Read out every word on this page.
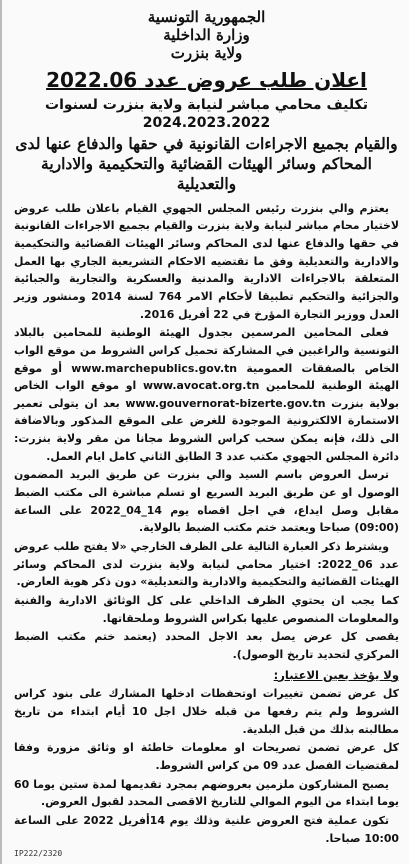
الجمهورية التونسية
وزارة الداخلية
ولاية بنزرت
اعلان طلب عروض عدد 2022.06
تكليف محامي مباشر لنيابة ولاية بنزرت لسنوات
2024.2023.2022
والقيام بجميع الاجراءات القانونية في حقها والدفاع عنها لدى المحاكم وسائر الهيئات القضائية والتحكيمية والادارية والتعديلية

يعتزم والي بنزرت رئيس المجلس الجهوي القيام باعلان طلب عروض لاختيار محام مباشر لنيابة ولاية بنزرت والقيام بجميع الاجراءات القانونية في حقها والدفاع عنها لدى المحاكم وسائر الهيئات القضائية والتحكيمية والادارية والتعديلية وفق ما تقتضيه الاحكام التشريعية الجاري بها العمل المتعلقة بالاجراءات الادارية والمدنية والعسكرية والتجارية والجبائية والجزائية والتحكيم تطبيقا لأحكام الامر 764 لسنة 2014 ومنشور وزير العدل ووزير التجارة المؤرخ في 22 أفريل 2016.

فعلى المحامين المرسمين بجدول الهيئة الوطنية للمحامين بالبلاد التونسية والراغبين في المشاركة تحميل كراس الشروط من موقع الواب الخاص بالصفقات العمومية www.marchepublics.gov.tn أو موقع الهيئة الوطنية للمحامين www.avocat.org.tn او موقع الواب الخاص بولاية بنزرت www.gouvernorat-bizerte.gov.tn بعد ان يتولى تعمير الاستمارة الالكترونية الموجودة للغرض على الموقع المذكور وبالاضافة الى ذلك، فإنه يمكن سحب كراس الشروط مجانا من مقر ولاية بنزرت: دائرة المجلس الجهوي مكتب عدد 3 الطابق الثاني كامل ايام العمل.

ترسل العروض باسم السيد والي بنزرت عن طريق البريد المضمون الوصول او عن طريق البريد السريع او تسلم مباشرة الى مكتب الضبط مقابل وصل ايداع، في اجل اقصاه يوم 14_04_2022 على الساعة (09:00) صباحا ويعتمد ختم مكتب الضبط بالولاية.

ويشترط ذكر العبارة التالية على الظرف الخارجي «لا يفتح طلب عروض عدد 06_2022: اختيار محامي لنيابة ولاية بنزرت لدى المحاكم وسائر الهيئات القضائية والتحكيمية والادارية والتعديلية» دون ذكر هوية العارض.

كما يجب ان يحتوي الظرف الداخلي على كل الوثائق الادارية والفنية والمعلومات المنصوص عليها بكراس الشروط وملحقاتها.

يقصى كل عرض يصل بعد الاجل المحدد (يعتمد ختم مكتب الضبط المركزي لتحديد تاريخ الوصول).

ولا يؤخذ بعين الاعتبار:

كل عرض تضمن تغييرات اوتحفظات ادخلها المشارك على بنود كراس الشروط ولم يتم رفعها من قبله خلال اجل 10 أيام ابتداء من تاريخ مطالبته بذلك من قبل البلدية.

كل عرض تضمن تصريحات او معلومات خاطئة او وثائق مزورة وفقا لمقتضيات الفصل عدد 09 من كراس الشروط.

يصبح المشاركون ملزمين بعروضهم بمجرد تقديمها لمدة ستين يوما 60 يوما ابتداء من اليوم الموالي للتاريخ الاقصى المحدد لقبول العروض.

تكون عملية فتح العروض علنية وذلك يوم 14أفريل 2022 على الساعة 10:00 صباحا.

IP222/2320
